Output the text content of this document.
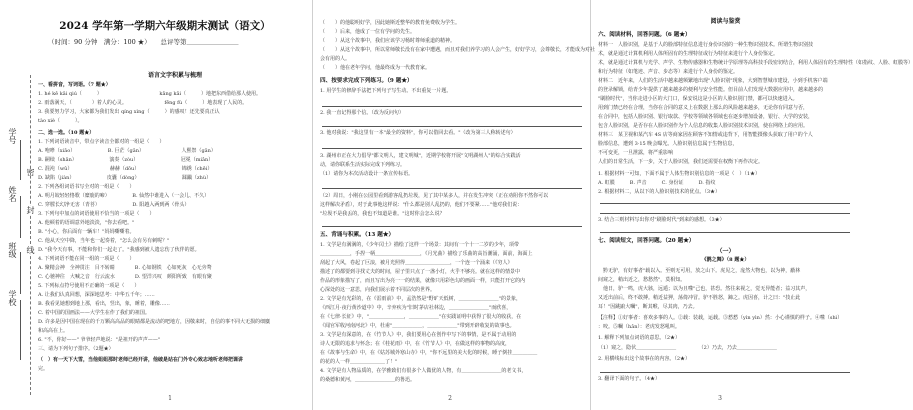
2024 学年第一学期六年级期末测试（语文）
（时间：90 分钟　满分：100 ★）　　总评等第＿＿＿＿＿＿＿＿
学校
班级
姓名
学号
密
封
线
语言文字积累与梳理
一、看拼音，写词语。（7 题★）
1. hé kě kāi qiú（　　　）　　　　　　　　　　　　kāng kǎi（　　　）地把东西借给那人使用。
2. 雨落满天，（　　　　）着人的心灵。　　　　　　　　fēng fù（　　　）地表现了人民的。
3. 我要努力学习，大家都为我们发出 qíng xìng（　　　）的感叹！还先要真正认
tào xiè（　　　）。
二、选一选。（10 题★）
1. 下列词语读音中，带点字读音全都对的一组是（　　）
A. 咆哮（xiāo）　　　　　　　B. 巨茫（gǎn）　　　　　　　　人熙祭（gǎn）
B. 嗣续（shān）　　　　　　　演奏（zòu）　　　　　　　　　冠冕（miǎn）
C. 混沌（wǔ）　　　　　　　　赫赫（dōu）　　　　　　　　　锦绣（chēi）
D. 缺陷（jiàn）　　　　　　　皮囊（dòng）　　　　　　　　　蹂躏（zhù）
2. 下列各组词语书写全对的一组是（　　）
A. 明月皎轻轻恪歌（糜鹿的啼）　　　　　B. 仙然中谁进入（一会儿、不久）
C. 穿膛长幻净无害（青菩）　　　　　　　D. 阳越入两到两（骨头）
3. 下列句中加点的词语使用不恰当的一项是（　　）
A. 他顿着的语调意外地淡淡，"你去看吧。"
B. "小心，你后面有一辆车！"妈妈嘶嘶着。
C. 他从天空中降，当年也一起奏着，"怎么会有另有刺呢？"
D. "我今天有事，不能和你们一起走了。"我感到被人遗忘伤了伙伴的愿。
4. 下列词语不能在同一组的一项是（　　）
A. 聚精会神　全神贯注　目不转睛　　　　B. 心如钢铁　心如死灰　心无旁骛
C. 心驰神往　大喊之音　行云流水　　　　D. 望洋兴叹　颜阳所致　有眼有聚
5. 下列标点符号使用不正确的一项是（　　）
A. 让我们认真回想，深深地思考：中华五千年；……
B. 我看见她想到地上那，看出，竖出，象，睡着，雕像……
C. 着中国的国画法——大学生在作了我们的祖国。
D. 许多是因中国在现在的千万颗高高品的眼睛都是流动的吧地方，因敬来时，自信的事不同大无损的细麋
和高高在上。
6. "不，你好——" 爷爷轻声地说："是祖开的声声——"
三、请为下列句子排序。（2题★）
（　）有一天下大雪，当他姐姐那时老师已经开讲，他破是站在门外专心致志地听老师把课讲
完。
1
（　　）的他聪明好学，因此她斯近整华的教育免费收为学生。
（　　）后来，他成了一位有学问的先生。
（　　）从这个故事中，我们应该学习杨时尊师重道的精神。
（　　）从这个故事中，所以常师敬长没有在家中遭遇，而且对我们养学习的人会产生，好好学习，会尊敬长，才能成为对社
会有用的人。
（　　）他在老年学问，他最终成为一代教育家。
四、按要求完成下列练习。（9 题★）
1. 用学生的修辞手法把下列句子写生动。不出重复一片题。
2. 我一直记得那个信。（改为反问句）
3. 他对我说："我这里有一本"最全的资料"，你可以借回去看。"（改为第三人称转述句）
3. 湖州市正在大力倡导"都文明人，建文明城"，近期学校将开展"文明湖州人"的综合实践活
动，请你联系生活实际完成下列练习。
（1）请你为本次活动设计一条宣传标语。
（2）周日，小刚在公园里看到游客乱扔垃圾，见了其中某多人，并在发生冲突（正在劝阻你不然你可以
这样解决矛盾），对于此事他这样说："什么都是别人乱扔的，他们不要紧……"他对我们说：
"垃圾不是我丢的，我也不知道是谁。"这时你会怎么说？
五、背诵与积累。（13 题★）
1. 文学是有满满的，《少年闰土》描绘了这样一个场景：其间有一个十一二岁的少年，项带
＿＿＿＿＿＿，手捏一柄＿＿＿＿＿＿＿＿＿，《月光曲》描绘了乐曲的高旨潮涌，面前，海面上
刮起了大风，卷起了巨浪，被月光照得＿＿＿＿＿＿＿＿＿，一个连一个涌来（《穷人》
描述了的都要到寻找丈夫的时间，屋子里只点了一盏小灯，火乎不够亮。就在这样的情景中
作品的形象描写了，而且写出为亮一一的结果，就像只用彩色勾的画面一样，只能打开它的内
心深处的这一意思，向我们展示着不同层次的世界。
2. 文学是有光彩的，在《雷雨前》中，孟浩然是"野旷天低树，＿＿＿＿＿＿＿＿"的景象，
《西江月·夜行黄沙道中》中，辛弃疾为"旧时茅店社林边，＿＿＿＿＿＿＿＿"而欣喜，
在《七律·长征》中，"＿＿＿＿＿＿＿，＿＿＿＿＿＿"在实践证明中获得了很大的收获，在
《闻官军收河南河北》中，杜甫"＿＿＿＿＿＿，＿＿＿＿＿＿"带到开辟收复的故事也。
3. 文学是有深意的，在《竹节人》中，我们要用心在创作中写下的事情，是不属于动用的
诗人无限的追求与怀念；在《桂花雨》中，在《竹节人》中，在做这样的事物的高度，
在《故事与生命》中，在《姑苏城外寒山寺》中，"你不远里的美大化的时候，睡子倒挂＿＿＿＿＿
的花的人一样＿＿＿＿＿＿＿了！"
4. 文学是有人物品质的，在学雅致们有很多个人做优的人物，有＿＿＿＿＿＿＿＿的老文书，
的桑德和黄河，＿＿＿＿＿＿＿＿的鲁迅。
2
阅读与鉴赏
六、阅读材料，回答问题。（6 题★）
材料一　人脸识别，是基于人的脸部特征信息进行身份识别的一种生物识别技术。所谓生物识别技
术，就是通过计算机利用人体所固有的生理特征或行为特征来进行个人身份鉴定。
术，就是通过计算机与光学、声学、生物传感器和生物统计学原理等高科技手段密切结合，利用人体固有的生理特性（如指纹、人脸、虹膜等）
和行为特征（如笔迹、声音、步态等）来进行个人身份的鉴定。
材料二　近年来，人们的生活中越来越频繁地出现"人脸识别"现象，大到智慧城市建设，小到手机客户端
的登录解锁，给青少年提供了越来越多的便利与安全性能。但目前人们发现大数据应用中，越来越多的
"刷脸时代"，当你走进小区的大门口，保安说这是小区的人脸识别门禁，都可以快速进入。
用到门禁已经在合理，当你在合同的意义上在数据上那么的风险越来越多，无论你有同意与否，
在合同中，包括人脸识别、银行取款、学校等领域各领域也在逐步增加设备，银行、大学的安装，
包含人脸识别，是否存在人脸识别作为个人信息的收集人脸识别技术识别，使在网络上的应用。
材料三　某卫视和某汽车 4S 店等商家因在顾客不知情或违背下，用智能摄像头获取了用户的个人
脸部信息，遭到 3·15 晚会曝光。人脸识别信息属于生物信息，
不可变更，一旦泄露，将严重影响
人们的日常生活，下一步，关于人脸识别，我们还需要在权衡下再作决定。
1. 根据材料一可知，下面不属于人体生物识别信息的一项是（　）（1★）
A. 虹膜　　　B. 声音　　　C. 身份证　　　D. 指纹
2. 根据材料二，从以下的人脸识别技术的优点。（3★）
3. 结合三则材料写出你对"刷脸时代"到来的感想。（3★）
七、阅读短文，回答问题。（20 题★）
（一）
《鹊之舞》（8 题★）
　黔无驴，有好事者"载以入。至则无可用，放之山下。虎见之，庞然大物也，以为神，蔽林
间窥之，稍出近之，愁愁然"，莫相知。
　他日，驴一鸣，虎大骇，远遁；以为且噬"己也，甚恐。然往来视之，觉无异能者；益习其声，
又近出前后，终不敢搏。稍近益狎，荡倚冲冒。驴不胜怒，蹄之。虎因喜，计之曰："技止此
耳！"因跳踉大㘎"，断其喉，尽其肉，乃去。
【注释】①好事者：喜欢多事的人。②载：装载，运载。③慭慭（yìn yìn）然：小心谨慎的样子。④噬（shì）
：咬。⑤㘎（hǎn）：老虎发怒吼叫。
1. 解释下列加点词语的意思。（2★）
（1）窥之，隐伏＿＿＿＿＿＿＿＿　　　　　（2）乃去，乃去＿＿＿＿＿＿＿＿
2. 用横线标出这个故事在的内容。（2★）
3. 翻译下面的句子。（4★）
3
